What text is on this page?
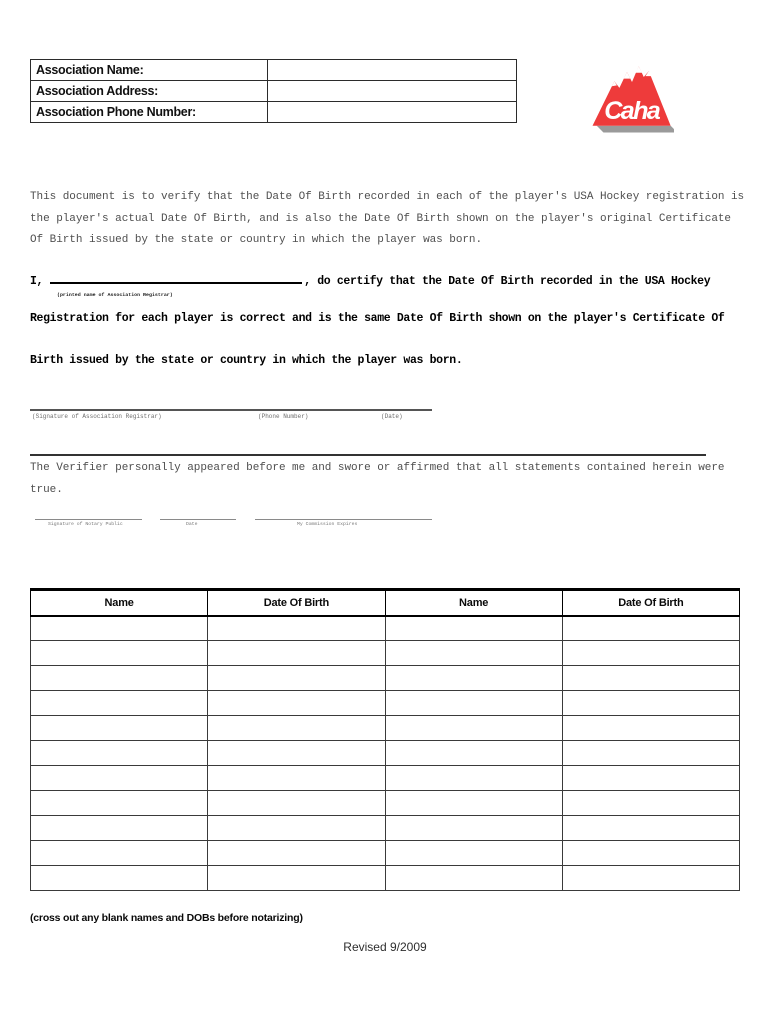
Association Name:	
Association Address:	
Association Phone Number:		Caha
This document is to verify that the Date Of Birth recorded in each of the player's USA Hockey registration is
the player's actual Date Of Birth, and is also the Date Of Birth shown on the player's original Certificate
Of Birth issued by the state or country in which the player was born.
I,	, do certify that the Date Of Birth recorded in the USA Hockey
(printed name of Association Registrar)
Registration for each player is correct and is the same Date Of Birth shown on the player's Certificate Of
Birth issued by the state or country in which the player was born.
(Signature of Association Registrar)	(Phone Number)	(Date)
The Verifier personally appeared before me and swore or affirmed that all statements contained herein were
true.
Signature of Notary Public	Date	My Commission Expires
Name	Date Of Birth	Name	Date Of Birth

(cross out any blank names and DOBs before notarizing)
Revised 9/2009
